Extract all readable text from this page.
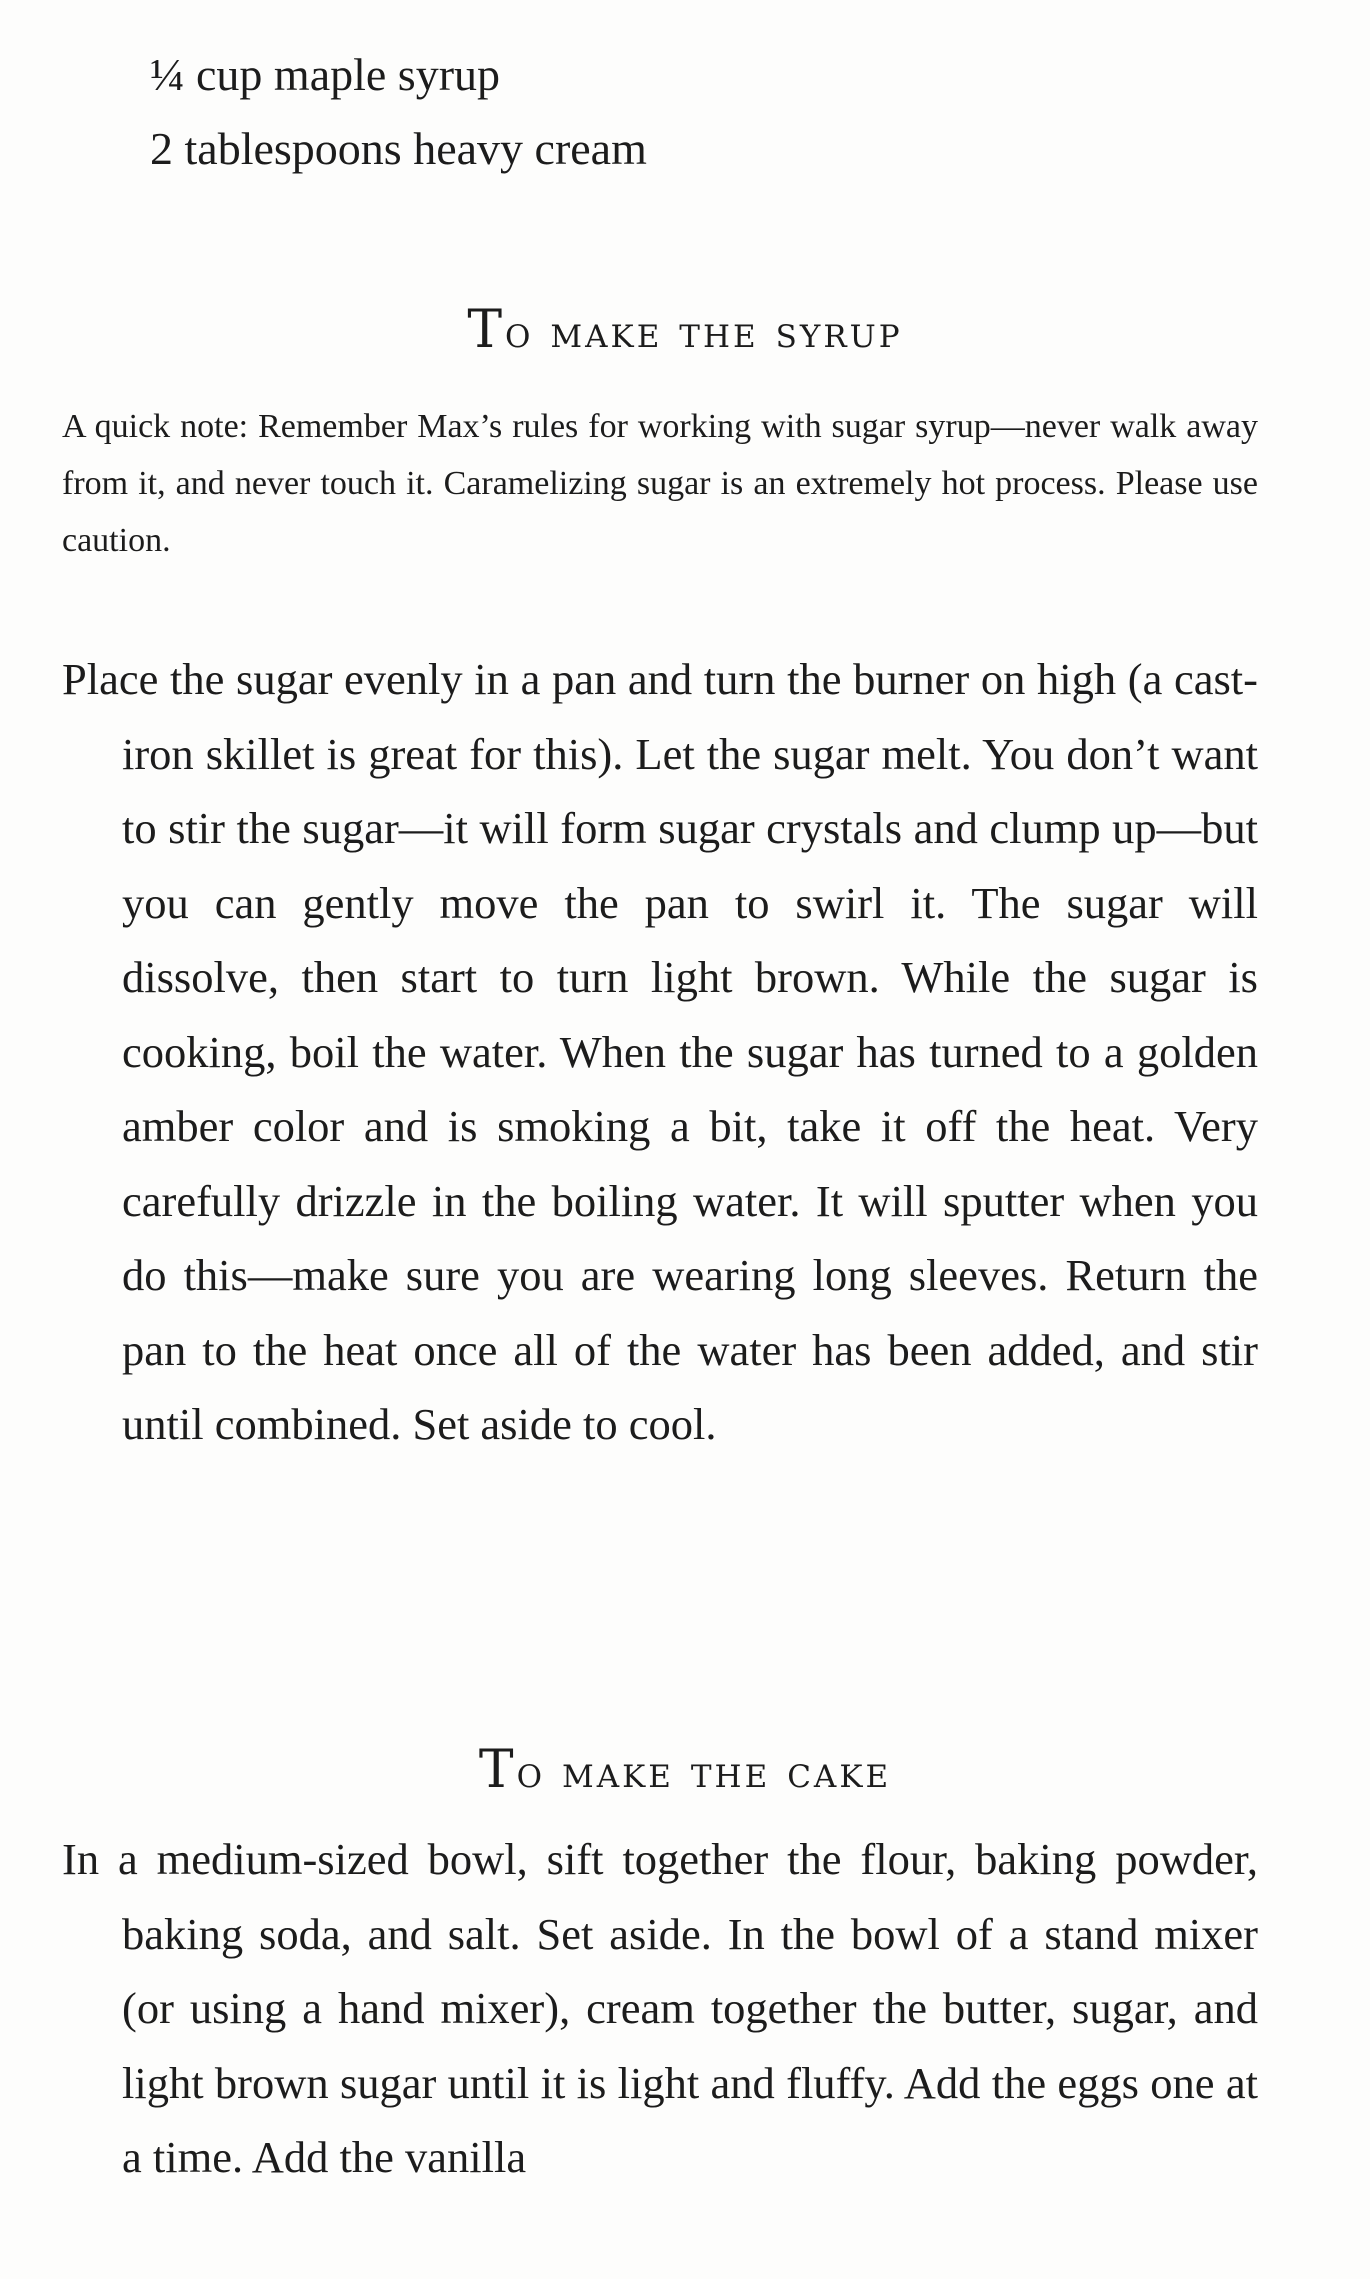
¼ cup maple syrup
2 tablespoons heavy cream
To make the syrup

A quick note: Remember Max’s rules for working with sugar syrup—never walk away from it, and never touch it. Caramelizing sugar is an extremely hot process. Please use caution.

Place the sugar evenly in a pan and turn the burner on high (a cast-iron skillet is great for this). Let the sugar melt. You don’t want to stir the sugar—it will form sugar crystals and clump up—but you can gently move the pan to swirl it. The sugar will dissolve, then start to turn light brown. While the sugar is cooking, boil the water. When the sugar has turned to a golden amber color and is smoking a bit, take it off the heat. Very carefully drizzle in the boiling water. It will sputter when you do this—make sure you are wearing long sleeves. Return the pan to the heat once all of the water has been added, and stir until combined. Set aside to cool.

To make the cake

In a medium-sized bowl, sift together the flour, baking powder, baking soda, and salt. Set aside. In the bowl of a stand mixer (or using a hand mixer), cream together the butter, sugar, and light brown sugar until it is light and fluffy. Add the eggs one at a time. Add the vanilla
